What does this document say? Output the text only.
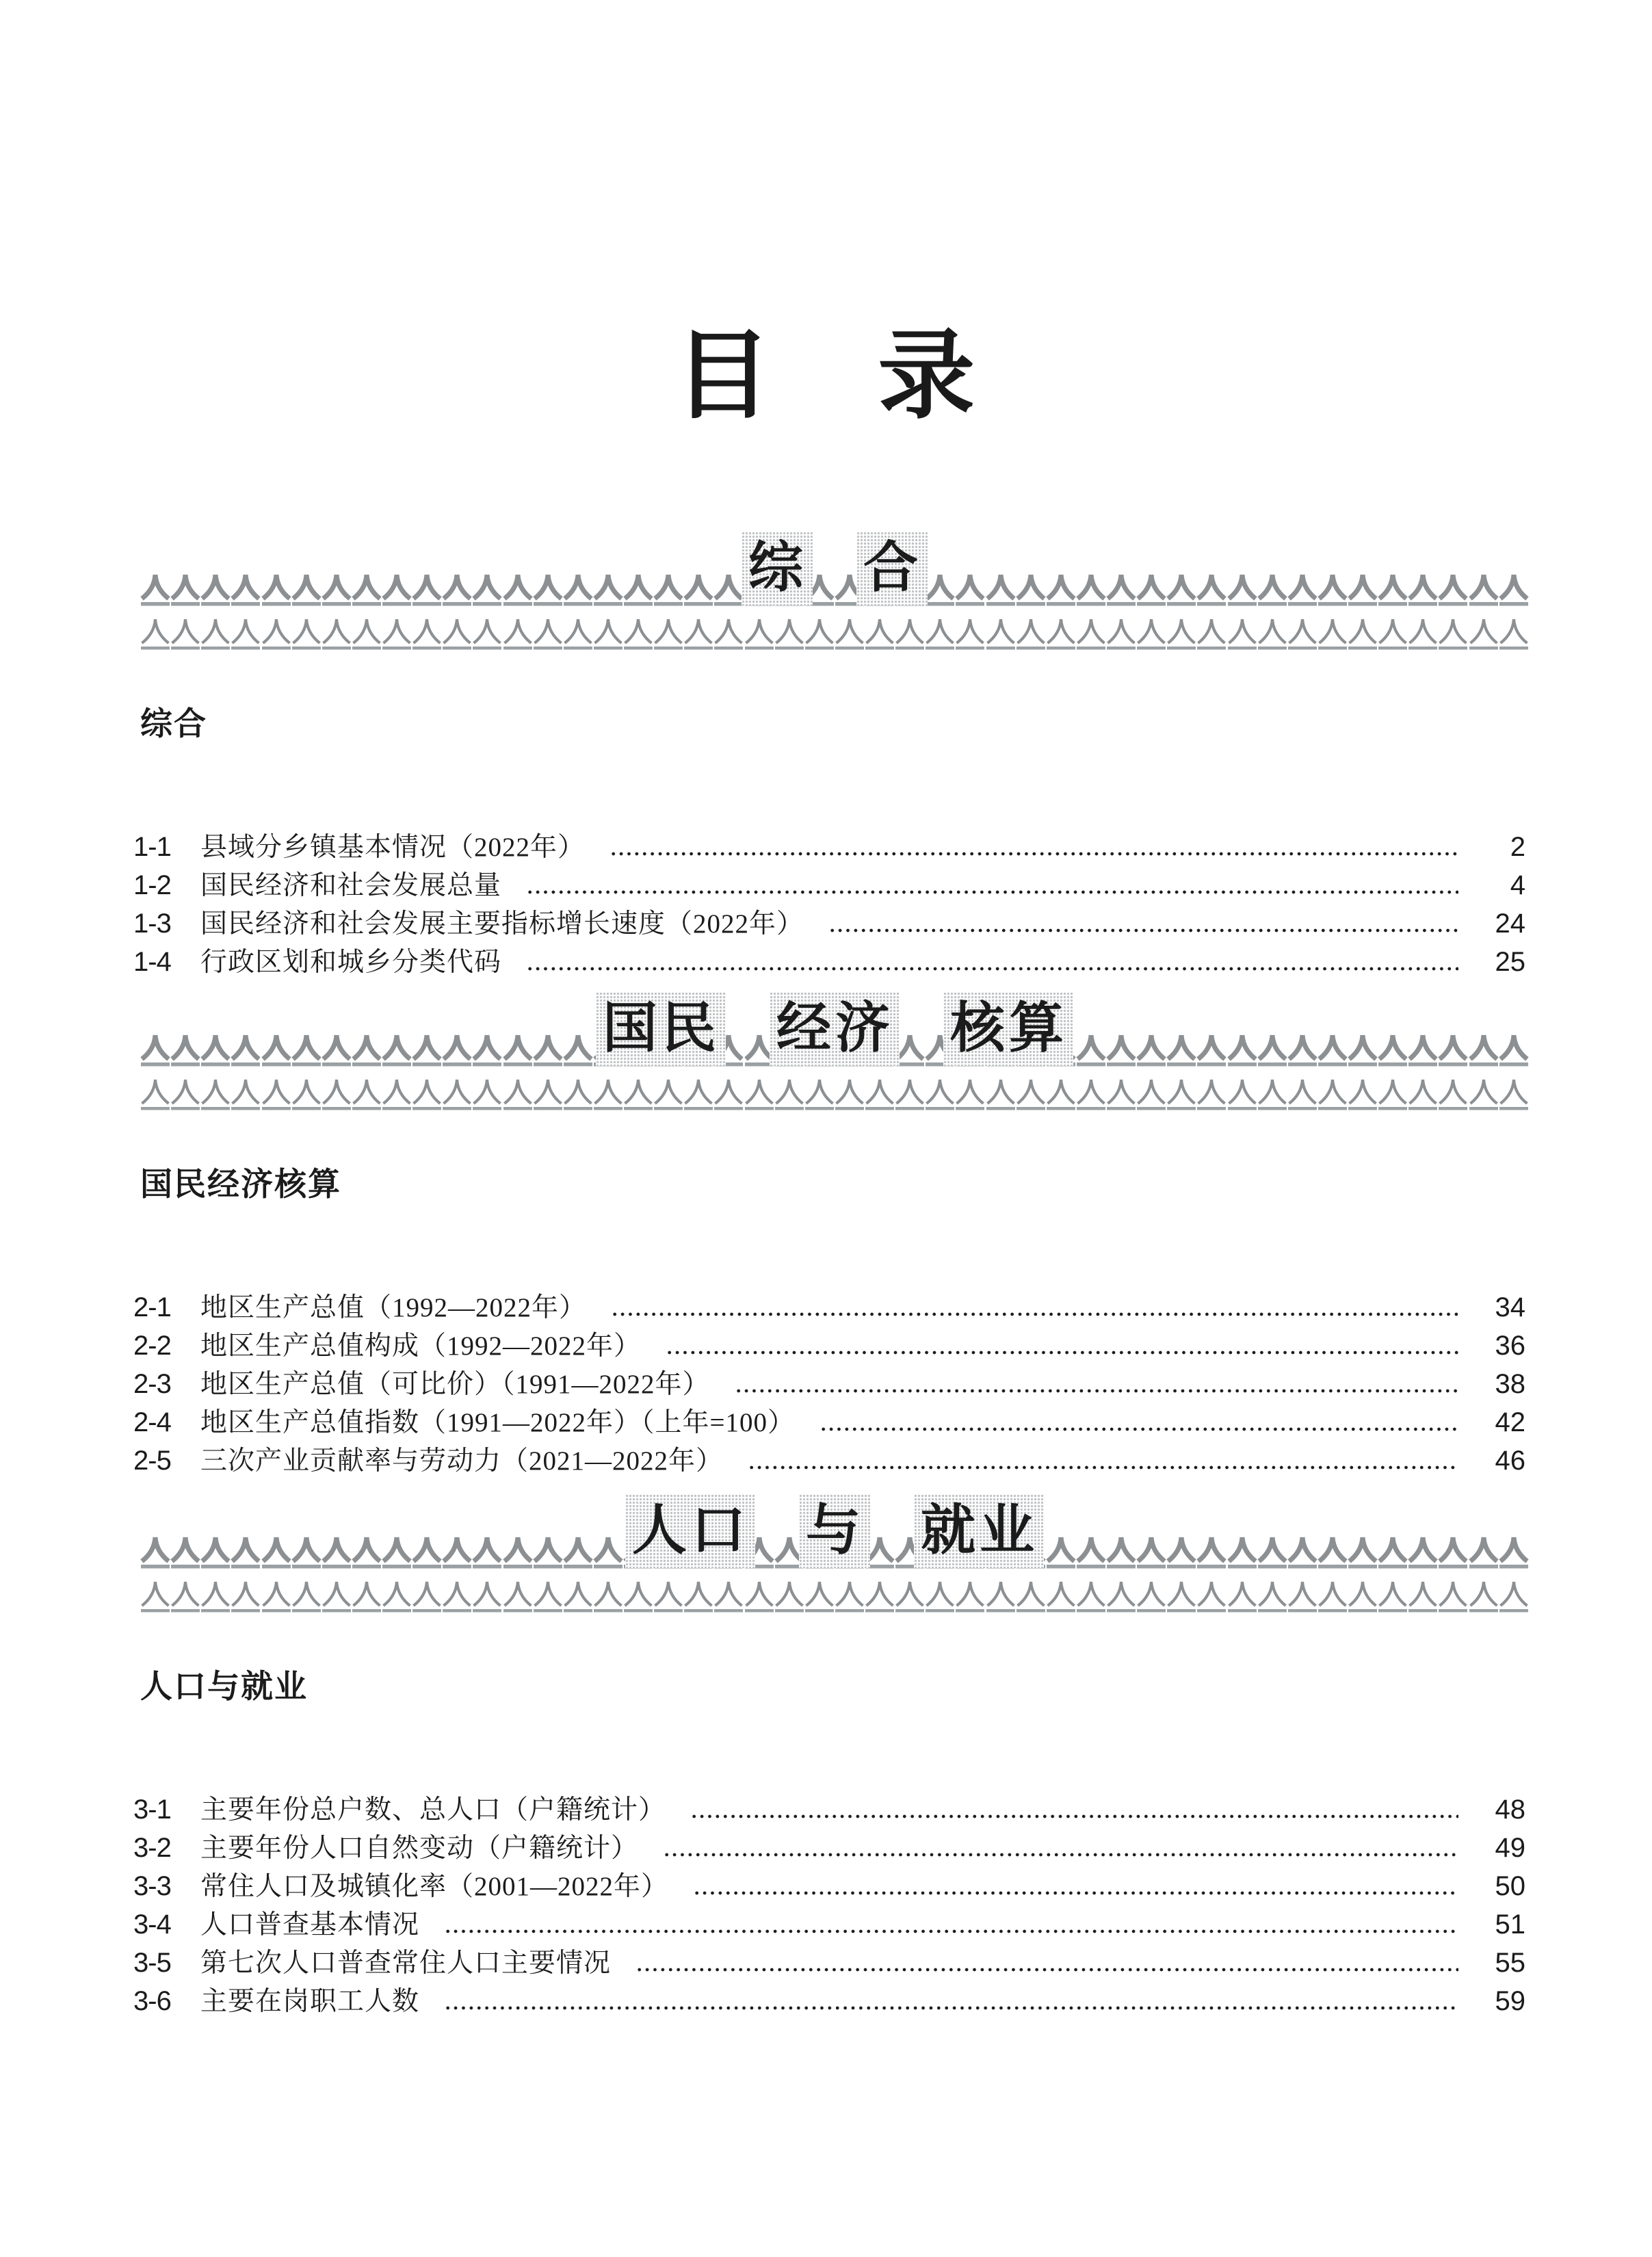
目 录
综 合
综合
1-1	县域分乡镇基本情况（2022年）	2
1-2	国民经济和社会发展总量	4
1-3	国民经济和社会发展主要指标增长速度（2022年）	24
1-4	行政区划和城乡分类代码	25
国民 经济 核算
国民经济核算
2-1	地区生产总值（1992—2022年）	34
2-2	地区生产总值构成（1992—2022年）	36
2-3	地区生产总值（可比价）（1991—2022年）	38
2-4	地区生产总值指数（1991—2022年）（上年=100）	42
2-5	三次产业贡献率与劳动力（2021—2022年）	46
人口 与 就业
人口与就业
3-1	主要年份总户数、总人口（户籍统计）	48
3-2	主要年份人口自然变动（户籍统计）	49
3-3	常住人口及城镇化率（2001—2022年）	50
3-4	人口普查基本情况	51
3-5	第七次人口普查常住人口主要情况	55
3-6	主要在岗职工人数	59
